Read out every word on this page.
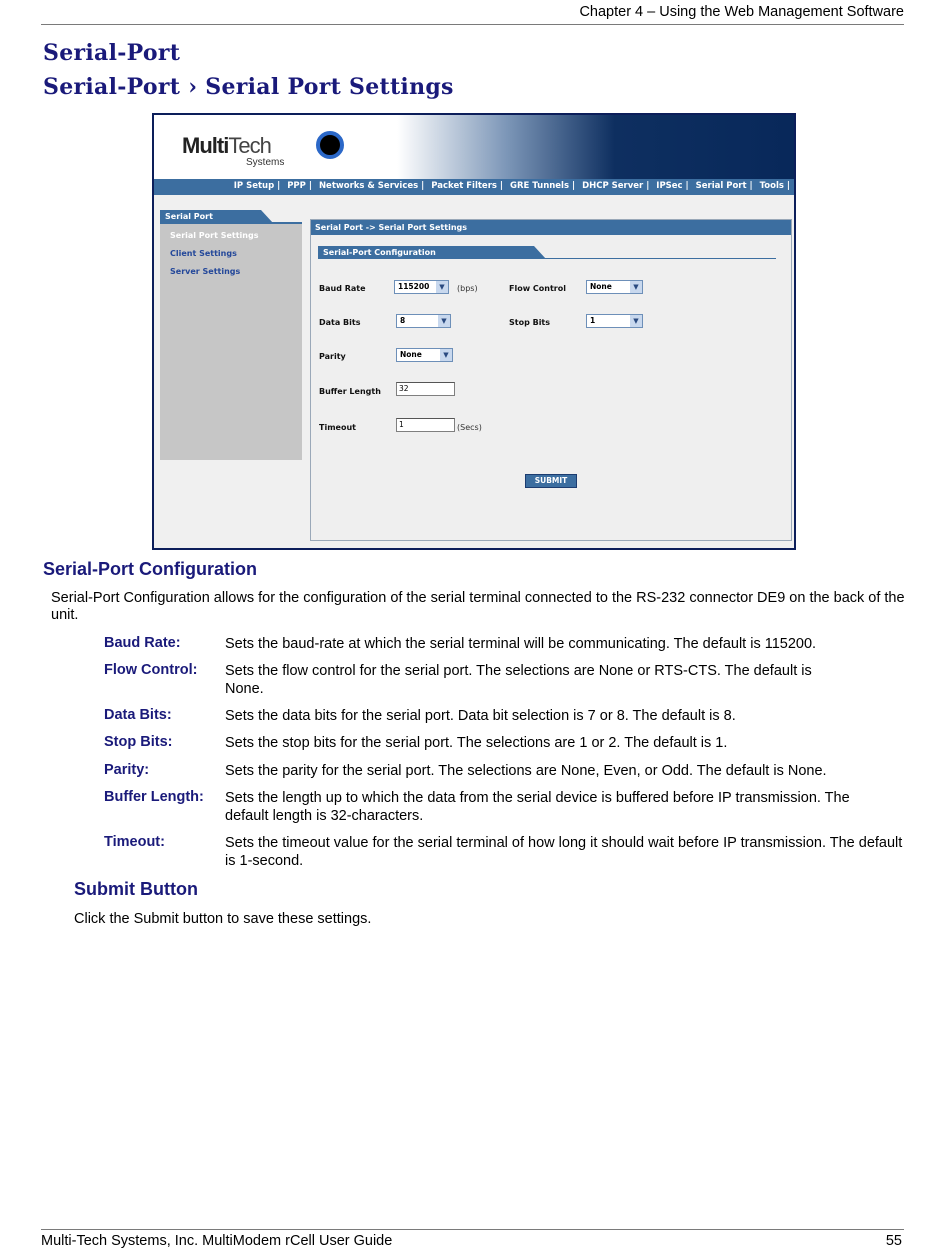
Chapter 4 – Using the Web Management Software
Serial-Port
Serial-Port › Serial Port Settings
MultiTech
Systems
IP Setup | PPP | Networks & Services | Packet Filters | GRE Tunnels | DHCP Server | IPSec | Serial Port | Tools |
Serial Port
Serial Port Settings
Client Settings
Server Settings
Serial Port -> Serial Port Settings
Serial-Port Configuration
Baud Rate	115200	▼	(bps)	Flow Control	None	▼
Data Bits	8	▼	Stop Bits	1	▼
Parity	None	▼
Buffer Length	32
Timeout	1	(Secs)
SUBMIT
Serial-Port Configuration
Serial-Port Configuration allows for the configuration of the serial terminal connected to the RS-232 connector DE9 on the back of the unit.
Baud Rate:	Sets the baud-rate at which the serial terminal will be communicating. The default is 115200.
Flow Control: Sets the flow control for the serial port. The selections are None or RTS-CTS. The default is None.
Data Bits:	Sets the data bits for the serial port. Data bit selection is 7 or 8. The default is 8.
Stop Bits:	Sets the stop bits for the serial port. The selections are 1 or 2. The default is 1.
Parity:	Sets the parity for the serial port. The selections are None, Even, or Odd. The default is None.
Buffer Length: Sets the length up to which the data from the serial device is buffered before IP transmission. The default length is 32-characters.
Timeout:	Sets the timeout value for the serial terminal of how long it should wait before IP transmission. The default is 1-second.
Submit Button
Click the Submit button to save these settings.
Multi-Tech Systems, Inc. MultiModem rCell User Guide	55
